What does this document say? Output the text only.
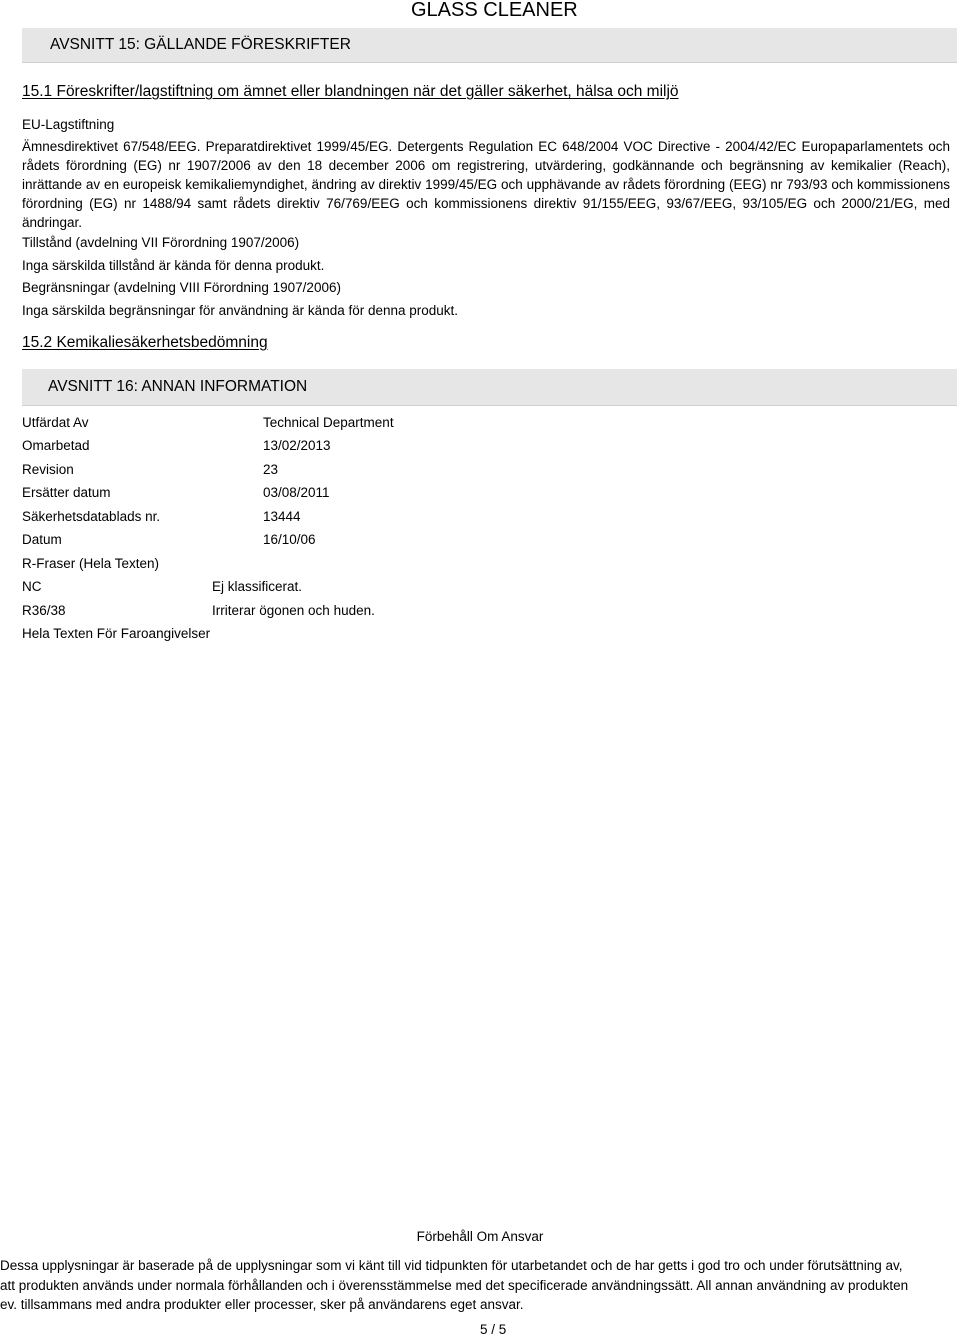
GLASS CLEANER
AVSNITT 15: GÄLLANDE FÖRESKRIFTER
15.1 Föreskrifter/lagstiftning om ämnet eller blandningen när det gäller säkerhet, hälsa och miljö
EU-Lagstiftning
Ämnesdirektivet 67/548/EEG. Preparatdirektivet 1999/45/EG. Detergents Regulation EC 648/2004 VOC Directive - 2004/42/EC Europaparlamentets och rådets förordning (EG) nr 1907/2006 av den 18 december 2006 om registrering, utvärdering, godkännande och begränsning av kemikalier (Reach), inrättande av en europeisk kemikaliemyndighet, ändring av direktiv 1999/45/EG och upphävande av rådets förordning (EEG) nr 793/93 och kommissionens förordning (EG) nr 1488/94 samt rådets direktiv 76/769/EEG och kommissionens direktiv 91/155/EEG, 93/67/EEG, 93/105/EG och 2000/21/EG, med ändringar.
Tillstånd (avdelning VII Förordning 1907/2006)
Inga särskilda tillstånd är kända för denna produkt.
Begränsningar (avdelning VIII Förordning 1907/2006)
Inga särskilda begränsningar för användning är kända för denna produkt.
15.2 Kemikaliesäkerhetsbedömning
AVSNITT 16: ANNAN INFORMATION
Utfärdat Av	Technical Department
Omarbetad	13/02/2013
Revision	23
Ersätter datum	03/08/2011
Säkerhetsdatablads nr.	13444
Datum	16/10/06
R-Fraser (Hela Texten)
NC	Ej klassificerat.
R36/38	Irriterar ögonen och huden.
Hela Texten För Faroangivelser
Förbehåll Om Ansvar
Dessa upplysningar är baserade på de upplysningar som vi känt till vid tidpunkten för utarbetandet och de har getts i god tro och under förutsättning av,
att produkten används under normala förhållanden och i överensstämmelse med det specificerade användningssätt. All annan användning av produkten
ev. tillsammans med andra produkter eller processer, sker på användarens eget ansvar.
5 / 5
